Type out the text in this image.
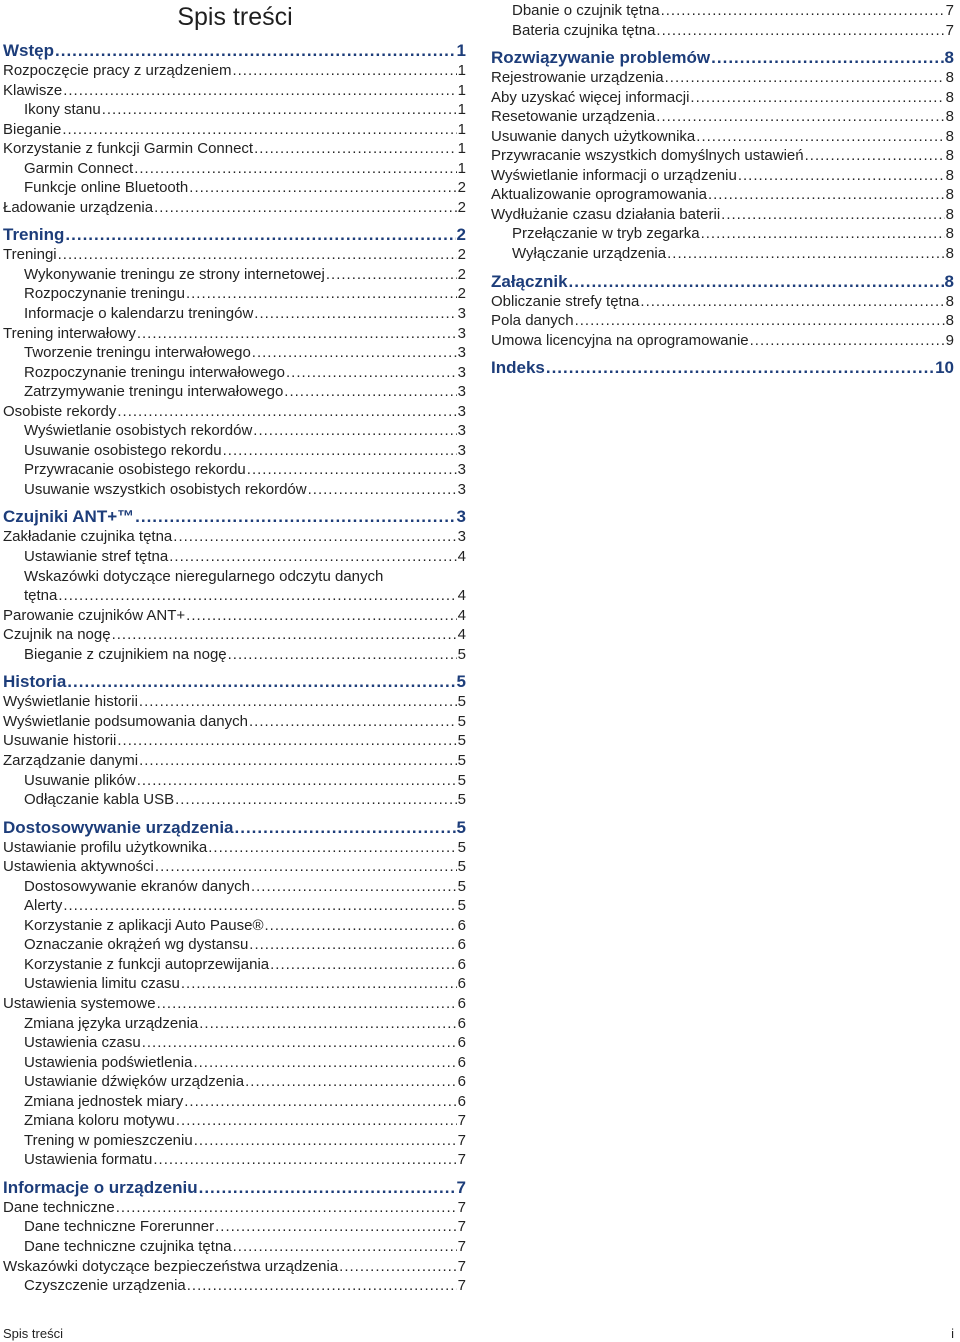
Spis treści
Wstęp .....	1
Rozpoczęcie pracy z urządzeniem .....	1
Klawisze .....	1
Ikony stanu .....	1
Bieganie .....	1
Korzystanie z funkcji Garmin Connect .....	1
Garmin Connect .....	1
Funkcje online Bluetooth .....	2
Ładowanie urządzenia .....	2
Trening .....	2
Treningi .....	2
Wykonywanie treningu ze strony internetowej .....	2
Rozpoczynanie treningu .....	2
Informacje o kalendarzu treningów .....	3
Trening interwałowy .....	3
Tworzenie treningu interwałowego .....	3
Rozpoczynanie treningu interwałowego .....	3
Zatrzymywanie treningu interwałowego .....	3
Osobiste rekordy .....	3
Wyświetlanie osobistych rekordów .....	3
Usuwanie osobistego rekordu .....	3
Przywracanie osobistego rekordu .....	3
Usuwanie wszystkich osobistych rekordów .....	3
Czujniki ANT+™ .....	3
Zakładanie czujnika tętna .....	3
Ustawianie stref tętna .....	4
Wskazówki dotyczące nieregularnego odczytu danych
tętna .....	4
Parowanie czujników ANT+ .....	4
Czujnik na nogę .....	4
Bieganie z czujnikiem na nogę .....	5
Historia .....	5
Wyświetlanie historii .....	5
Wyświetlanie podsumowania danych .....	5
Usuwanie historii .....	5
Zarządzanie danymi .....	5
Usuwanie plików .....	5
Odłączanie kabla USB .....	5
Dostosowywanie urządzenia .....	5
Ustawianie profilu użytkownika .....	5
Ustawienia aktywności .....	5
Dostosowywanie ekranów danych .....	5
Alerty .....	5
Korzystanie z aplikacji Auto Pause® .....	6
Oznaczanie okrążeń wg dystansu .....	6
Korzystanie z funkcji autoprzewijania .....	6
Ustawienia limitu czasu .....	6
Ustawienia systemowe .....	6
Zmiana języka urządzenia .....	6
Ustawienia czasu .....	6
Ustawienia podświetlenia .....	6
Ustawianie dźwięków urządzenia .....	6
Zmiana jednostek miary .....	6
Zmiana koloru motywu .....	7
Trening w pomieszczeniu .....	7
Ustawienia formatu .....	7
Informacje o urządzeniu .....	7
Dane techniczne .....	7
Dane techniczne Forerunner .....	7
Dane techniczne czujnika tętna .....	7
Wskazówki dotyczące bezpieczeństwa urządzenia .....	7
Czyszczenie urządzenia .....	7
Dbanie o czujnik tętna .....	7
Bateria czujnika tętna .....	7
Rozwiązywanie problemów .....	8
Rejestrowanie urządzenia .....	8
Aby uzyskać więcej informacji .....	8
Resetowanie urządzenia .....	8
Usuwanie danych użytkownika .....	8
Przywracanie wszystkich domyślnych ustawień .....	8
Wyświetlanie informacji o urządzeniu .....	8
Aktualizowanie oprogramowania .....	8
Wydłużanie czasu działania baterii .....	8
Przełączanie w tryb zegarka .....	8
Wyłączanie urządzenia .....	8
Załącznik .....	8
Obliczanie strefy tętna .....	8
Pola danych .....	8
Umowa licencyjna na oprogramowanie .....	9
Indeks .....	10
Spis treści	i
